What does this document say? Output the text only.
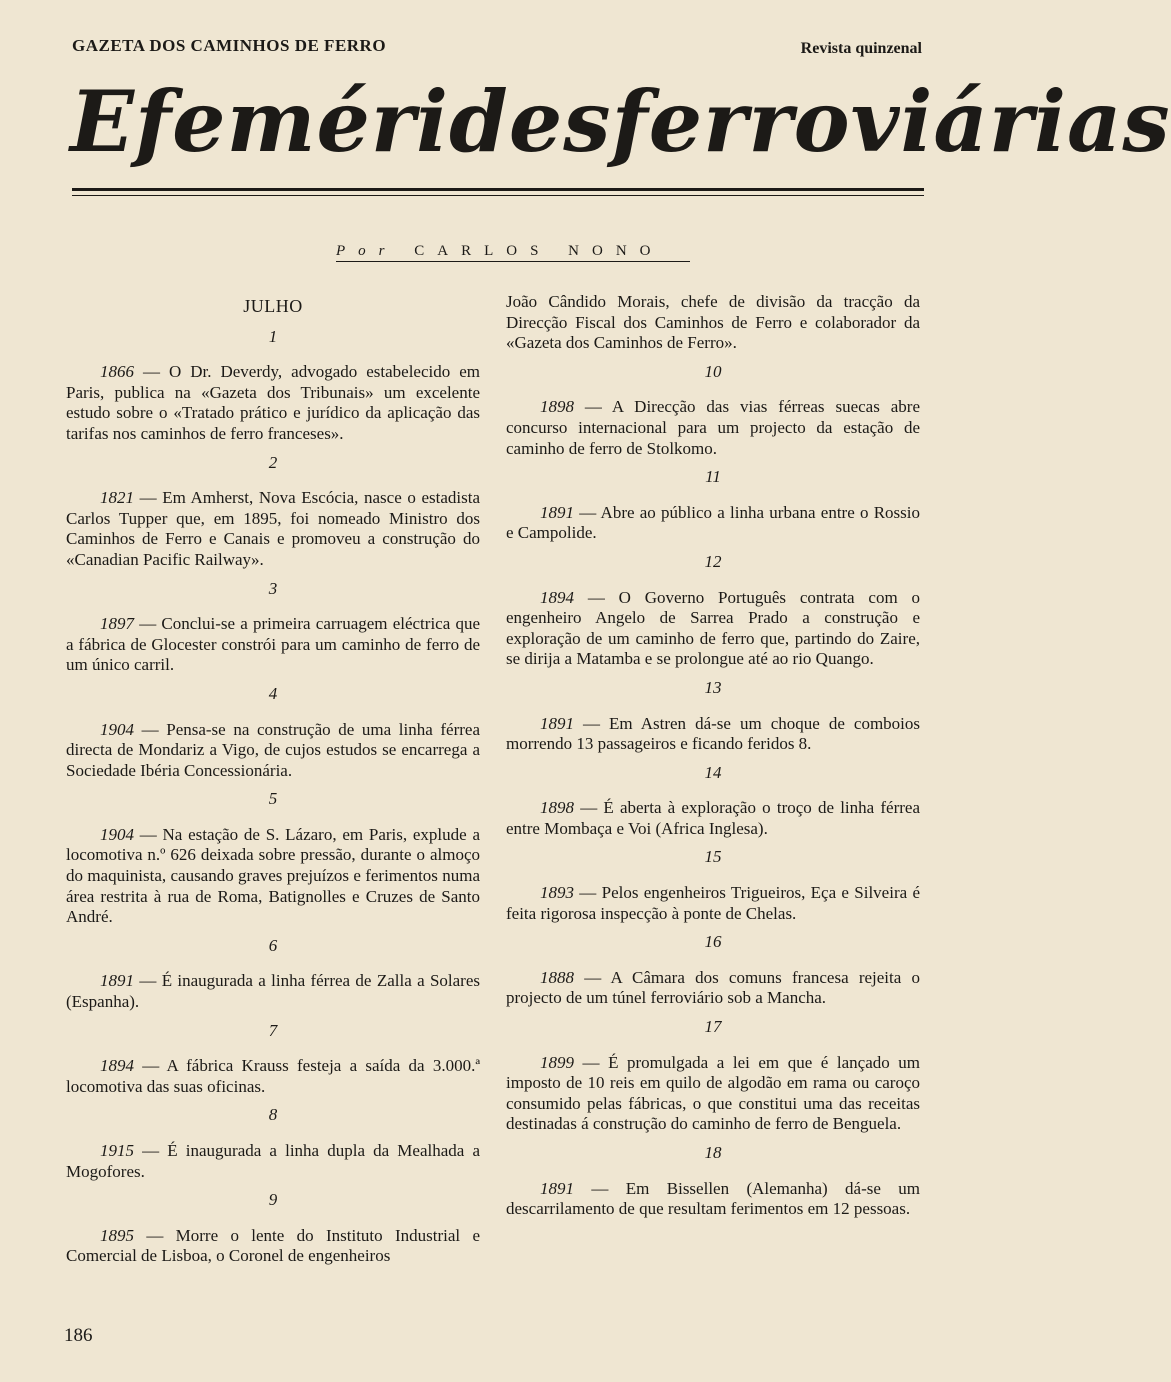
GAZETA DOS CAMINHOS DE FERRO	Revista quinzenal
Efemérides ferroviárias
Por CARLOS NONO
JULHO
1

1866 — O Dr. Deverdy, advogado estabelecido em Paris, publica na «Gazeta dos Tribunais» um excelente estudo sobre o «Tratado prático e jurídico da aplicação das tarifas nos caminhos de ferro franceses».

2

1821 — Em Amherst, Nova Escócia, nasce o estadista Carlos Tupper que, em 1895, foi nomeado Ministro dos Caminhos de Ferro e Canais e promoveu a construção do «Canadian Pacific Railway».

3

1897 — Conclui-se a primeira carruagem eléctrica que a fábrica de Glocester constrói para um caminho de ferro de um único carril.

4

1904 — Pensa-se na construção de uma linha férrea directa de Mondariz a Vigo, de cujos estudos se encarrega a Sociedade Ibéria Concessionária.

5

1904 — Na estação de S. Lázaro, em Paris, explude a locomotiva n.º 626 deixada sobre pressão, durante o almoço do maquinista, causando graves prejuízos e ferimentos numa área restrita à rua de Roma, Batignolles e Cruzes de Santo André.

6

1891 — É inaugurada a linha férrea de Zalla a Solares (Espanha).

7

1894 — A fábrica Krauss festeja a saída da 3.000.ª locomotiva das suas oficinas.

8

1915 — É inaugurada a linha dupla da Mealhada a Mogofores.

9

1895 — Morre o lente do Instituto Industrial e Comercial de Lisboa, o Coronel de engenheiros

João Cândido Morais, chefe de divisão da tracção da Direcção Fiscal dos Caminhos de Ferro e colaborador da «Gazeta dos Caminhos de Ferro».

10

1898 — A Direcção das vias férreas suecas abre concurso internacional para um projecto da estação de caminho de ferro de Stolkomo.

11

1891 — Abre ao público a linha urbana entre o Rossio e Campolide.

12

1894 — O Governo Português contrata com o engenheiro Angelo de Sarrea Prado a construção e exploração de um caminho de ferro que, partindo do Zaire, se dirija a Matamba e se prolongue até ao rio Quango.

13

1891 — Em Astren dá-se um choque de comboios morrendo 13 passageiros e ficando feridos 8.

14

1898 — É aberta à exploração o troço de linha férrea entre Mombaça e Voi (Africa Inglesa).

15

1893 — Pelos engenheiros Trigueiros, Eça e Silveira é feita rigorosa inspecção à ponte de Chelas.

16

1888 — A Câmara dos comuns francesa rejeita o projecto de um túnel ferroviário sob a Mancha.

17

1899 — É promulgada a lei em que é lançado um imposto de 10 reis em quilo de algodão em rama ou caroço consumido pelas fábricas, o que constitui uma das receitas destinadas á construção do caminho de ferro de Benguela.

18

1891 — Em Bissellen (Alemanha) dá-se um descarrilamento de que resultam ferimentos em 12 pessoas.

186
